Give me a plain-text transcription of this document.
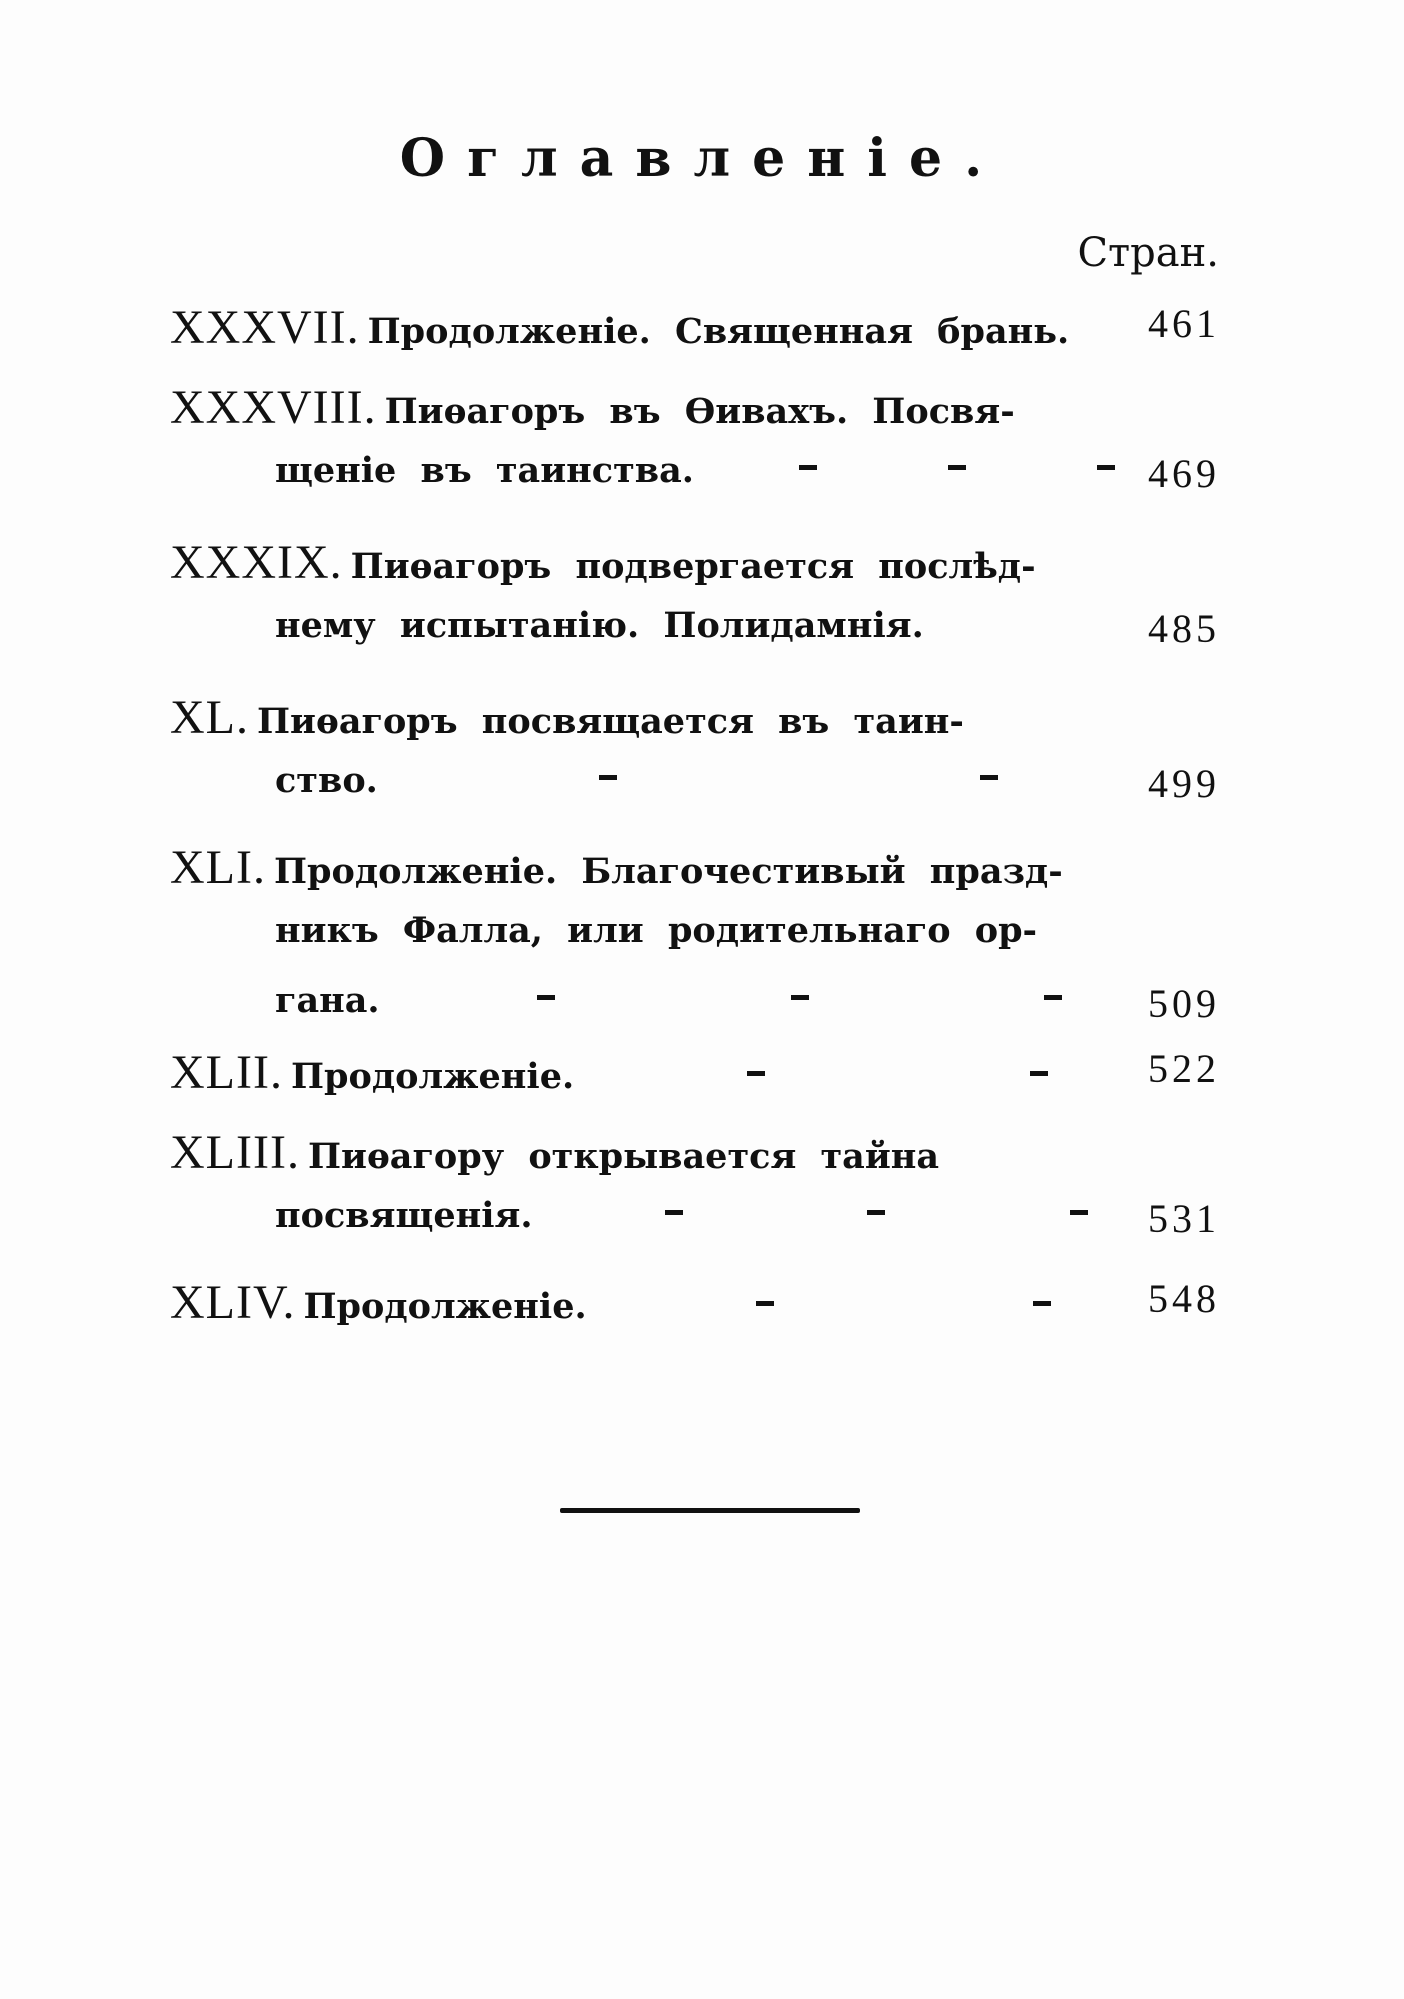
Оглавленіе.
Стран.
XXXVII. Продолженіе. Священная брань. 461
XXXVIII. Пиѳагоръ въ Ѳивахъ. Посвя-
щеніе въ таинства.	469
XXXIX. Пиѳагоръ подвергается послѣд-
нему испытанію. Полидамнія.	485
XL. Пиѳагоръ посвящается въ таин-
ство.	499
XLI. Продолженіе. Благочестивый празд-
никъ Фалла, или родительнаго ор-
гана.	509
XLII. Продолженіе.	522
XLIII. Пиѳагору открывается тайна
посвященія.	531
XLIV. Продолженіе.	548
